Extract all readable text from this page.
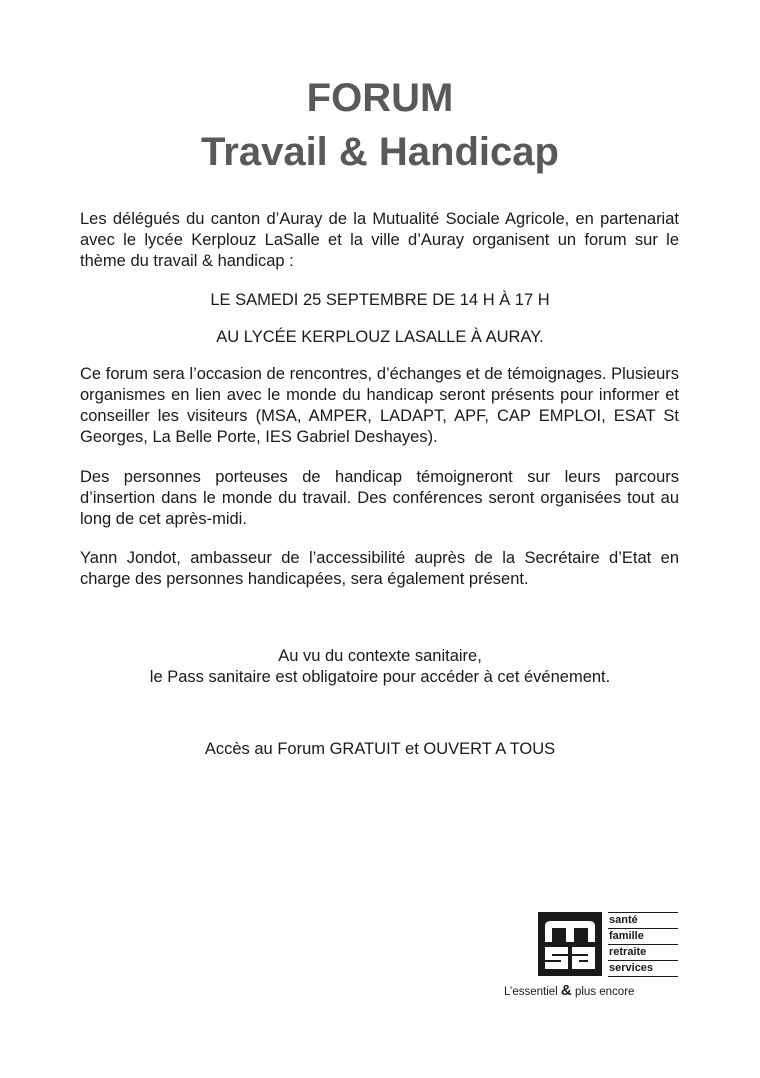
FORUM
Travail & Handicap

Les délégués du canton d’Auray de la Mutualité Sociale Agricole, en partenariat avec le lycée Kerplouz LaSalle et la ville d’Auray organisent un forum sur le thème du travail & handicap :

LE SAMEDI 25 SEPTEMBRE DE 14 H À 17 H

AU LYCÉE KERPLOUZ LASALLE À AURAY.

Ce forum sera l’occasion de rencontres, d’échanges et de témoignages. Plusieurs organismes en lien avec le monde du handicap seront présents pour informer et conseiller les visiteurs (MSA, AMPER, LADAPT, APF, CAP EMPLOI, ESAT St Georges, La Belle Porte, IES Gabriel Deshayes).

Des personnes porteuses de handicap témoigneront sur leurs parcours d’insertion dans le monde du travail. Des conférences seront organisées tout au long de cet après-midi.

Yann Jondot, ambasseur de l’accessibilité auprès de la Secrétaire d’Etat en charge des personnes handicapées, sera également présent.

Au vu du contexte sanitaire,
le Pass sanitaire est obligatoire pour accéder à cet événement.

Accès au Forum GRATUIT et OUVERT A TOUS

santé
famille
retraite
services
L’essentiel & plus encore
